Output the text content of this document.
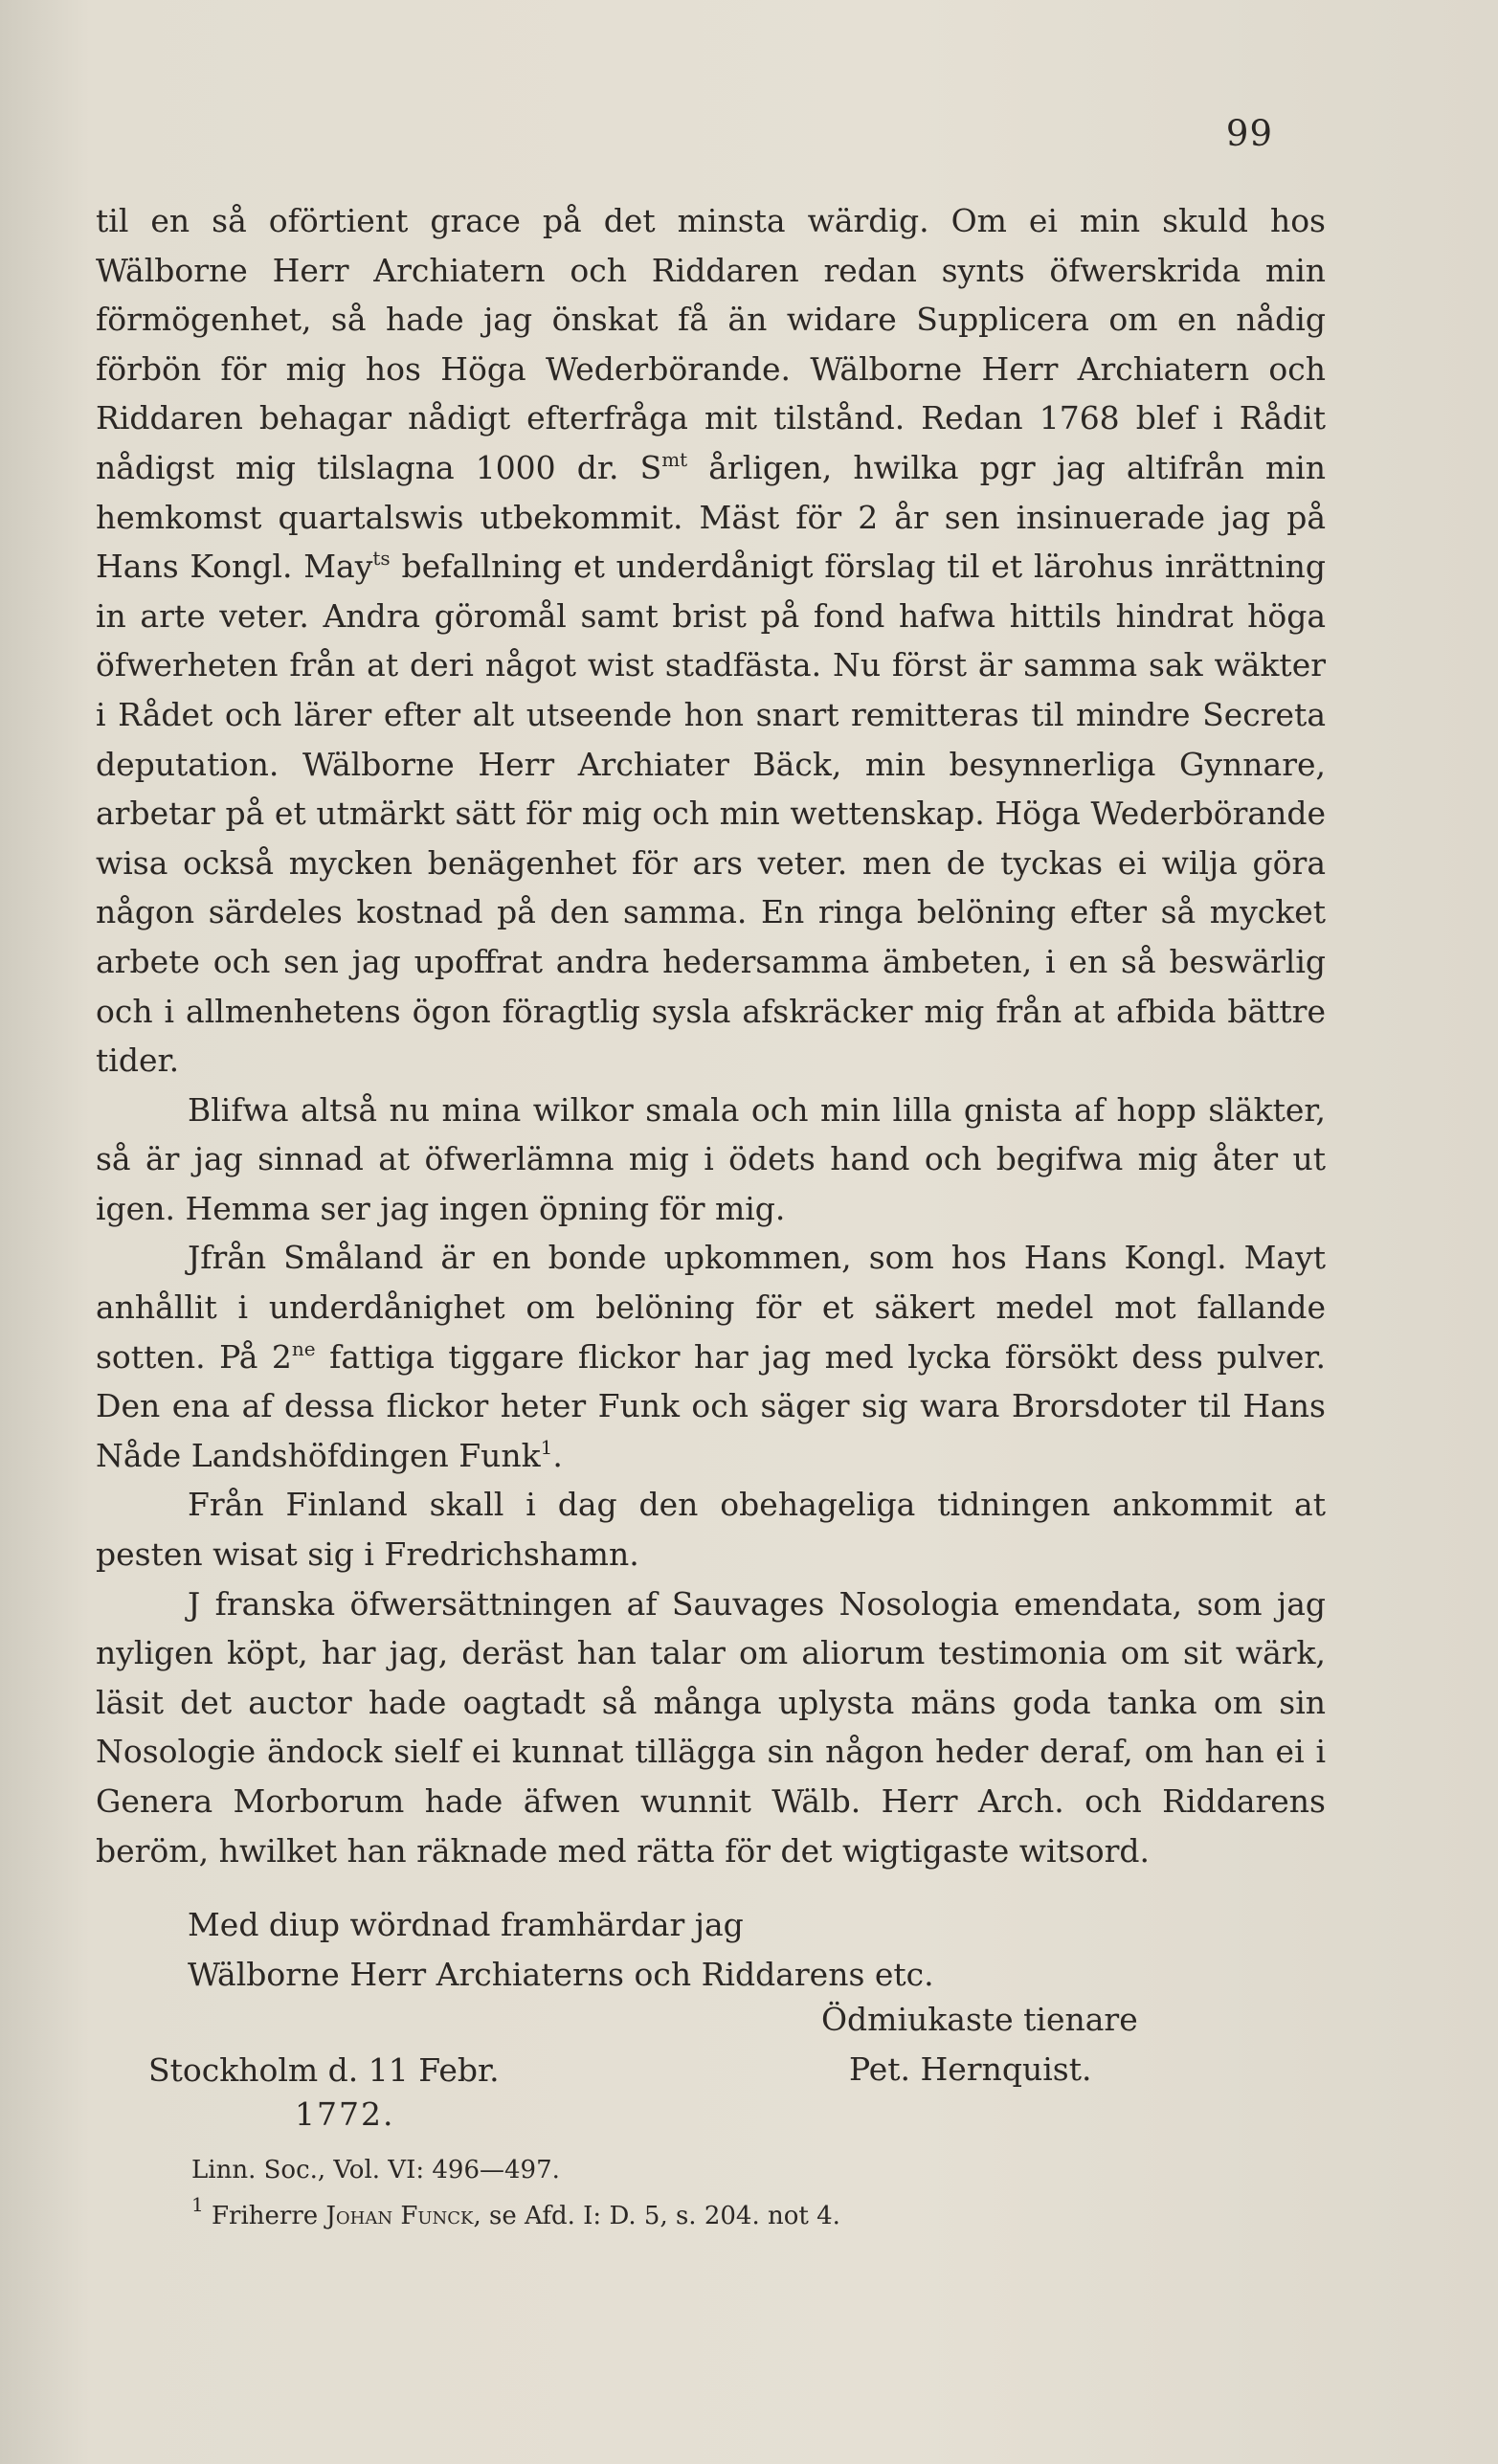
99

til en så oförtient grace på det minsta wärdig. Om ei min skuld hos Wälborne Herr Archiatern och Riddaren redan synts öfwerskrida min förmögenhet, så hade jag önskat få än widare Supplicera om en nådig förbön för mig hos Höga Wederbörande. Wälborne Herr Archiatern och Riddaren behagar nådigt efterfråga mit tilstånd. Redan 1768 blef i Rådit nådigst mig tilslagna 1000 dr. $S^{mt}$ årligen, hwilka pgr jag altifrån min hemkomst quartalswis utbekommit. Mäst för 2 år sen insinuerade jag på Hans Kongl. May$^{ts}$ befallning et underdånigt förslag til et lärohus inrättning in arte veter. Andra göromål samt brist på fond hafwa hittils hindrat höga öfwerheten från at deri något wist stadfästa. Nu först är samma sak wäkter i Rådet och lärer efter alt utseende hon snart remitteras til mindre Secreta deputation. Wälborne Herr Archiater Bäck, min besynnerliga Gynnare, arbetar på et utmärkt sätt för mig och min wettenskap. Höga Wederbörande wisa också mycken benägenhet för ars veter. men de tyckas ei wilja göra någon särdeles kostnad på den samma. En ringa belöning efter så mycket arbete och sen jag upoffrat andra hedersamma ämbeten, i en så beswärlig och i allmenhetens ögon föragtlig sysla afskräcker mig från at afbida bättre tider.

Blifwa altså nu mina wilkor smala och min lilla gnista af hopp släkter, så är jag sinnad at öfwerlämna mig i ödets hand och begifwa mig åter ut igen. Hemma ser jag ingen öpning för mig.

Jfrån Småland är en bonde upkommen, som hos Hans Kongl. Mayt anhållit i underdånighet om belöning för et säkert medel mot fallande sotten. På $2^{ne}$ fattiga tiggare flickor har jag med lycka försökt dess pulver. Den ena af dessa flickor heter Funk och säger sig wara Brorsdoter til Hans Nåde Landshöfdingen Funk$^1$.

Från Finland skall i dag den obehageliga tidningen ankommit at pesten wisat sig i Fredrichshamn.

J franska öfwersättningen af Sauvages Nosologia emendata, som jag nyligen köpt, har jag, deräst han talar om aliorum testimonia om sit wärk, läsit det auctor hade oagtadt så många uplysta mäns goda tanka om sin Nosologie ändock sielf ei kunnat tillägga sin någon heder deraf, om han ei i Genera Morborum hade äfwen wunnit Wälb. Herr Arch. och Riddarens beröm, hwilket han räknade med rätta för det wigtigaste witsord.

Med diup wördnad framhärdar jag
Wälborne Herr Archiaterns och Riddarens etc.
Ödmiukaste tienare
Pet. Hernquist.
Stockholm d. 11 Febr.
1772.
Linn. Soc., Vol. VI: 496—497.
$^1$ Friherre Johan Funck, se Afd. I: D. 5, s. 204. not 4.
